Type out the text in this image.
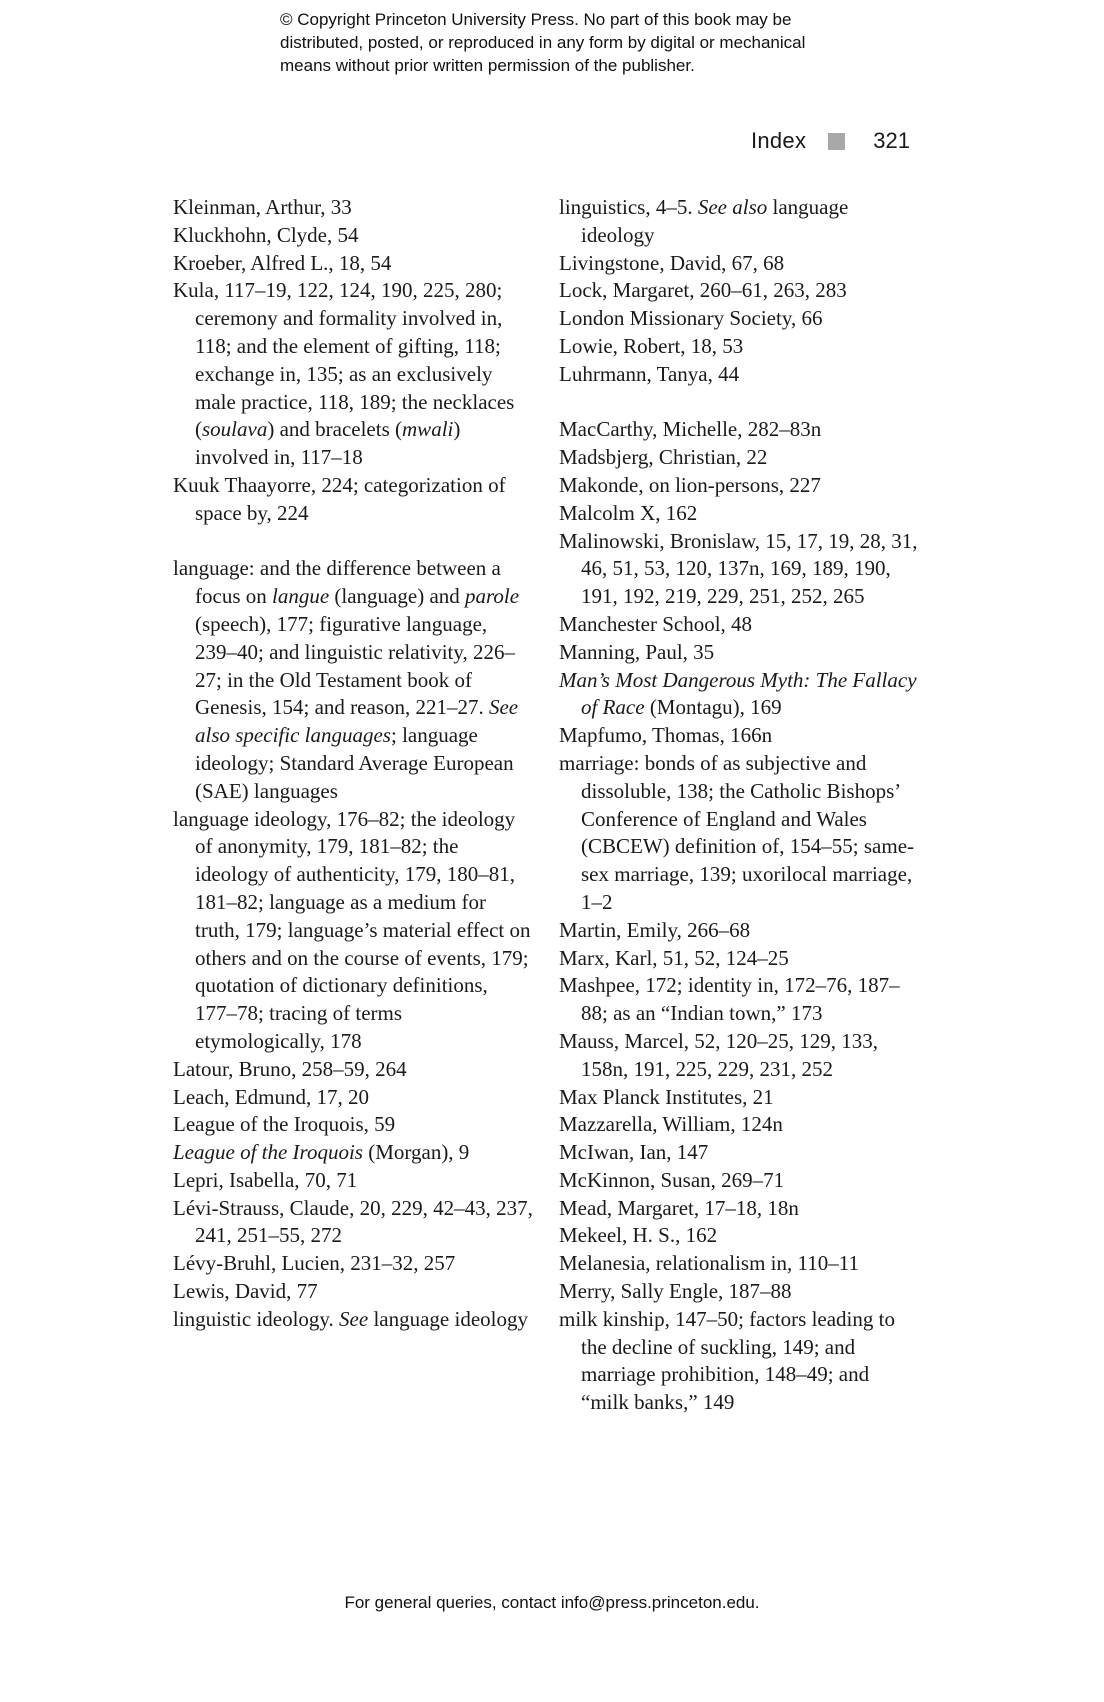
© Copyright Princeton University Press. No part of this book may be
distributed, posted, or reproduced in any form by digital or mechanical
means without prior written permission of the publisher.
Index	321
Kleinman, Arthur, 33
Kluckhohn, Clyde, 54
Kroeber, Alfred L., 18, 54
Kula, 117–19, 122, 124, 190, 225, 280; ceremony and formality involved in, 118; and the element of gifting, 118; exchange in, 135; as an exclusively male practice, 118, 189; the necklaces (soulava) and bracelets (mwali) involved in, 117–18
Kuuk Thaayorre, 224; categorization of space by, 224
language: and the difference between a focus on langue (language) and parole (speech), 177; figurative language, 239–40; and linguistic relativity, 226–27; in the Old Testament book of Genesis, 154; and reason, 221–27. See also specific languages; language ideology; Standard Average European (SAE) languages
language ideology, 176–82; the ideology of anonymity, 179, 181–82; the ideology of authenticity, 179, 180–81, 181–82; language as a medium for truth, 179; language’s material effect on others and on the course of events, 179; quotation of dictionary definitions, 177–78; tracing of terms etymologically, 178
Latour, Bruno, 258–59, 264
Leach, Edmund, 17, 20
League of the Iroquois, 59
League of the Iroquois (Morgan), 9
Lepri, Isabella, 70, 71
Lévi-Strauss, Claude, 20, 229, 42–43, 237, 241, 251–55, 272
Lévy-Bruhl, Lucien, 231–32, 257
Lewis, David, 77
linguistic ideology. See language ideology
linguistics, 4–5. See also language ideology
Livingstone, David, 67, 68
Lock, Margaret, 260–61, 263, 283
London Missionary Society, 66
Lowie, Robert, 18, 53
Luhrmann, Tanya, 44
MacCarthy, Michelle, 282–83n
Madsbjerg, Christian, 22
Makonde, on lion-persons, 227
Malcolm X, 162
Malinowski, Bronislaw, 15, 17, 19, 28, 31, 46, 51, 53, 120, 137n, 169, 189, 190, 191, 192, 219, 229, 251, 252, 265
Manchester School, 48
Manning, Paul, 35
Man’s Most Dangerous Myth: The Fallacy of Race (Montagu), 169
Mapfumo, Thomas, 166n
marriage: bonds of as subjective and dissoluble, 138; the Catholic Bishops’ Conference of England and Wales (CBCEW) definition of, 154–55; same-sex marriage, 139; uxorilocal marriage, 1–2
Martin, Emily, 266–68
Marx, Karl, 51, 52, 124–25
Mashpee, 172; identity in, 172–76, 187–88; as an “Indian town,” 173
Mauss, Marcel, 52, 120–25, 129, 133, 158n, 191, 225, 229, 231, 252
Max Planck Institutes, 21
Mazzarella, William, 124n
McIwan, Ian, 147
McKinnon, Susan, 269–71
Mead, Margaret, 17–18, 18n
Mekeel, H. S., 162
Melanesia, relationalism in, 110–11
Merry, Sally Engle, 187–88
milk kinship, 147–50; factors leading to the decline of suckling, 149; and marriage prohibition, 148–49; and “milk banks,” 149
For general queries, contact info@press.princeton.edu.
